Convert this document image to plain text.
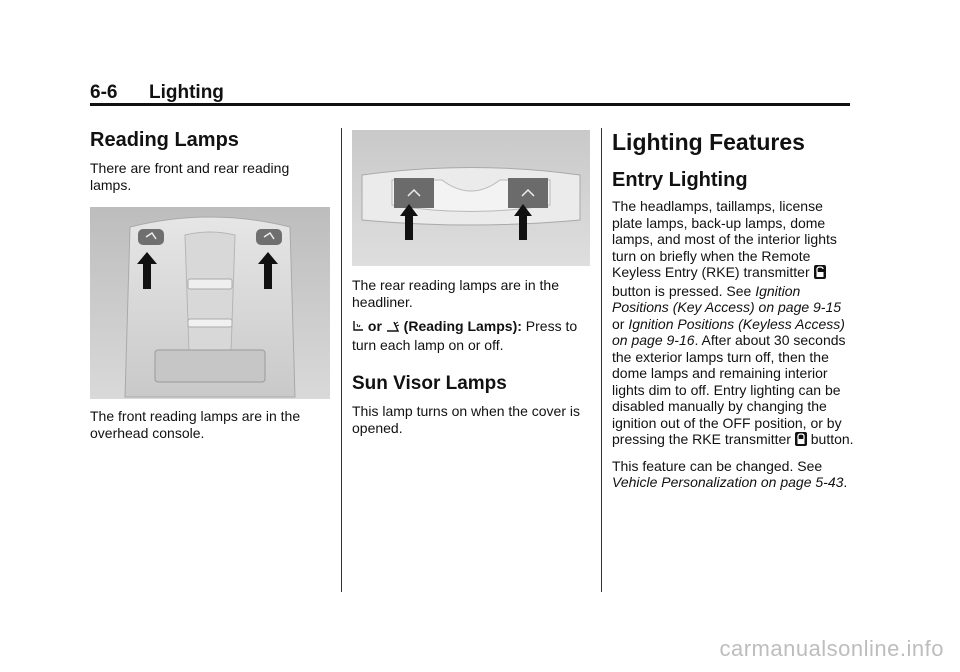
6-6 Lighting
Reading Lamps

There are front and rear reading lamps.

The front reading lamps are in the overhead console.

The rear reading lamps are in the headliner.

or (Reading Lamps): Press to turn each lamp on or off.

Sun Visor Lamps

This lamp turns on when the cover is opened.

Lighting Features
Entry Lighting

The headlamps, taillamps, license plate lamps, back-up lamps, dome lamps, and most of the interior lights turn on briefly when the Remote Keyless Entry (RKE) transmitter  button is pressed. See Ignition Positions (Key Access) on page 9-15 or Ignition Positions (Keyless Access) on page 9-16. After about 30 seconds the exterior lamps turn off, then the dome lamps and remaining interior lights dim to off. Entry lighting can be disabled manually by changing the ignition out of the OFF position, or by pressing the RKE transmitter button.

This feature can be changed. See Vehicle Personalization on page 5-43.

carmanualsonline.info
